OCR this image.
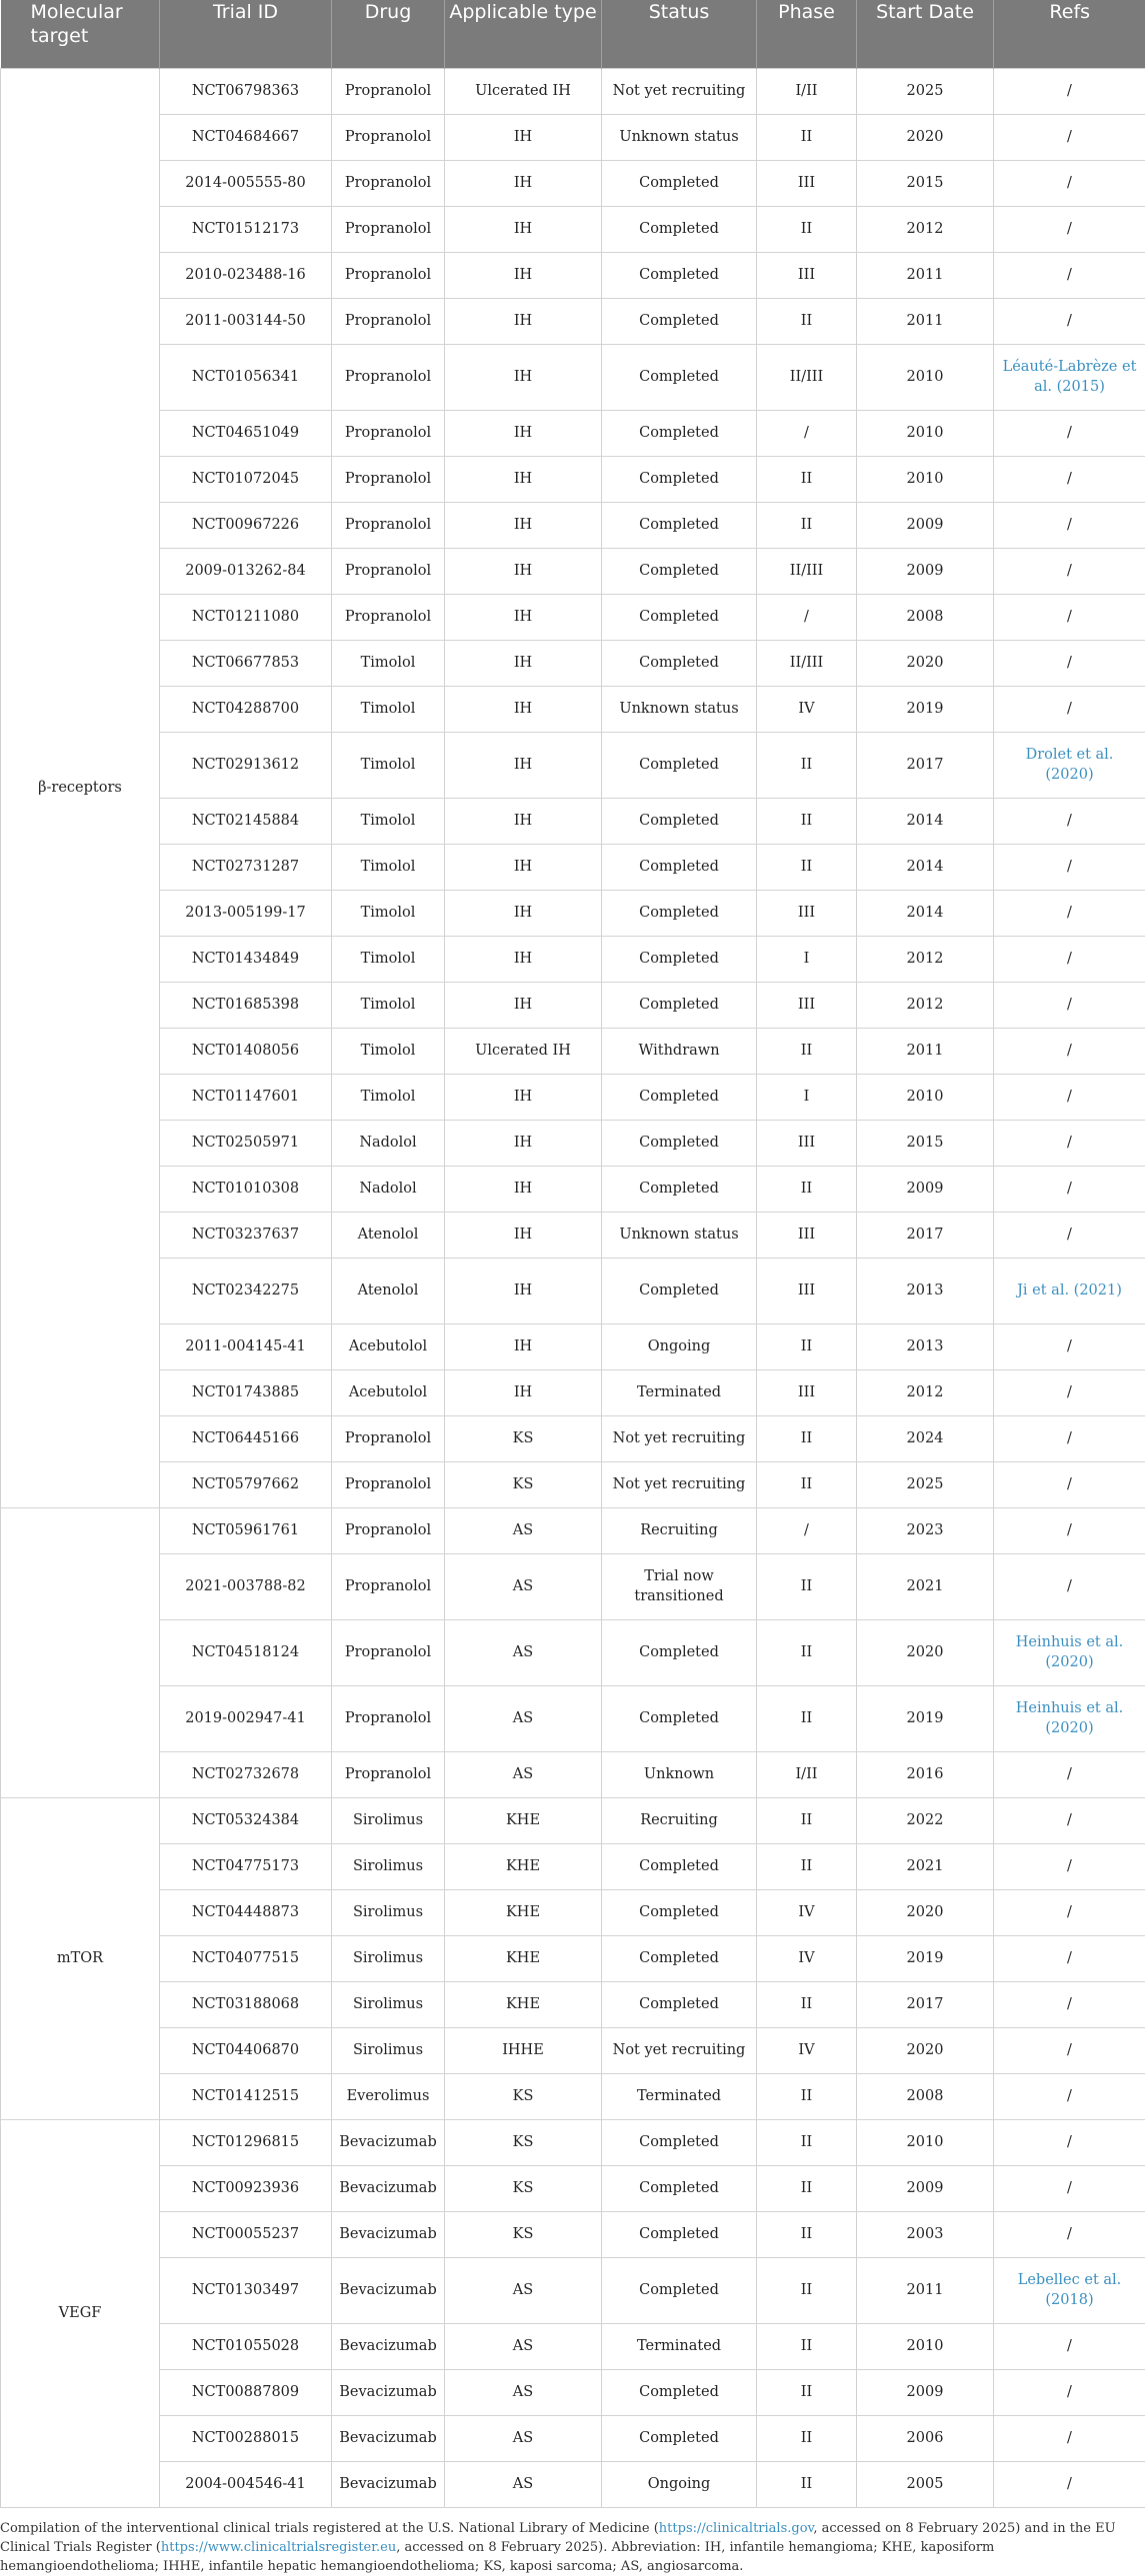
Molecular target	Trial ID	Drug	Applicable type	Status	Phase	Start Date	Refs
β-receptors	NCT06798363	Propranolol	Ulcerated IH	Not yet recruiting	I/II	2025	/
	NCT04684667	Propranolol	IH	Unknown status	II	2020	/
	2014-005555-80	Propranolol	IH	Completed	III	2015	/
	NCT01512173	Propranolol	IH	Completed	II	2012	/
	2010-023488-16	Propranolol	IH	Completed	III	2011	/
	2011-003144-50	Propranolol	IH	Completed	II	2011	/
	NCT01056341	Propranolol	IH	Completed	II/III	2010	Léauté-Labrèze et al. (2015)
	NCT04651049	Propranolol	IH	Completed	/	2010	/
	NCT01072045	Propranolol	IH	Completed	II	2010	/
	NCT00967226	Propranolol	IH	Completed	II	2009	/
	2009-013262-84	Propranolol	IH	Completed	II/III	2009	/
	NCT01211080	Propranolol	IH	Completed	/	2008	/
	NCT06677853	Timolol	IH	Completed	II/III	2020	/
	NCT04288700	Timolol	IH	Unknown status	IV	2019	/
	NCT02913612	Timolol	IH	Completed	II	2017	Drolet et al. (2020)
	NCT02145884	Timolol	IH	Completed	II	2014	/
	NCT02731287	Timolol	IH	Completed	II	2014	/
	2013-005199-17	Timolol	IH	Completed	III	2014	/
	NCT01434849	Timolol	IH	Completed	I	2012	/
	NCT01685398	Timolol	IH	Completed	III	2012	/
	NCT01408056	Timolol	Ulcerated IH	Withdrawn	II	2011	/
	NCT01147601	Timolol	IH	Completed	I	2010	/
	NCT02505971	Nadolol	IH	Completed	III	2015	/
	NCT01010308	Nadolol	IH	Completed	II	2009	/
	NCT03237637	Atenolol	IH	Unknown status	III	2017	/
	NCT02342275	Atenolol	IH	Completed	III	2013	Ji et al. (2021)
	2011-004145-41	Acebutolol	IH	Ongoing	II	2013	/
	NCT01743885	Acebutolol	IH	Terminated	III	2012	/
	NCT06445166	Propranolol	KS	Not yet recruiting	II	2024	/
	NCT05797662	Propranolol	KS	Not yet recruiting	II	2025	/
	NCT05961761	Propranolol	AS	Recruiting	/	2023	/
	2021-003788-82	Propranolol	AS	Trial now transitioned	II	2021	/
	NCT04518124	Propranolol	AS	Completed	II	2020	Heinhuis et al. (2020)
	2019-002947-41	Propranolol	AS	Completed	II	2019	Heinhuis et al. (2020)
	NCT02732678	Propranolol	AS	Unknown	I/II	2016	/
mTOR	NCT05324384	Sirolimus	KHE	Recruiting	II	2022	/
	NCT04775173	Sirolimus	KHE	Completed	II	2021	/
	NCT04448873	Sirolimus	KHE	Completed	IV	2020	/
	NCT04077515	Sirolimus	KHE	Completed	IV	2019	/
	NCT03188068	Sirolimus	KHE	Completed	II	2017	/
	NCT04406870	Sirolimus	IHHE	Not yet recruiting	IV	2020	/
	NCT01412515	Everolimus	KS	Terminated	II	2008	/
VEGF	NCT01296815	Bevacizumab	KS	Completed	II	2010	/
	NCT00923936	Bevacizumab	KS	Completed	II	2009	/
	NCT00055237	Bevacizumab	KS	Completed	II	2003	/
	NCT01303497	Bevacizumab	AS	Completed	II	2011	Lebellec et al. (2018)
	NCT01055028	Bevacizumab	AS	Terminated	II	2010	/
	NCT00887809	Bevacizumab	AS	Completed	II	2009	/
	NCT00288015	Bevacizumab	AS	Completed	II	2006	/
	2004-004546-41	Bevacizumab	AS	Ongoing	II	2005	/
Compilation of the interventional clinical trials registered at the U.S. National Library of Medicine (https://clinicaltrials.gov, accessed on 8 February 2025) and in the EU Clinical Trials Register (https://www.clinicaltrialsregister.eu, accessed on 8 February 2025). Abbreviation: IH, infantile hemangioma; KHE, kaposiform hemangioendothelioma; IHHE, infantile hepatic hemangioendothelioma; KS, kaposi sarcoma; AS, angiosarcoma.
